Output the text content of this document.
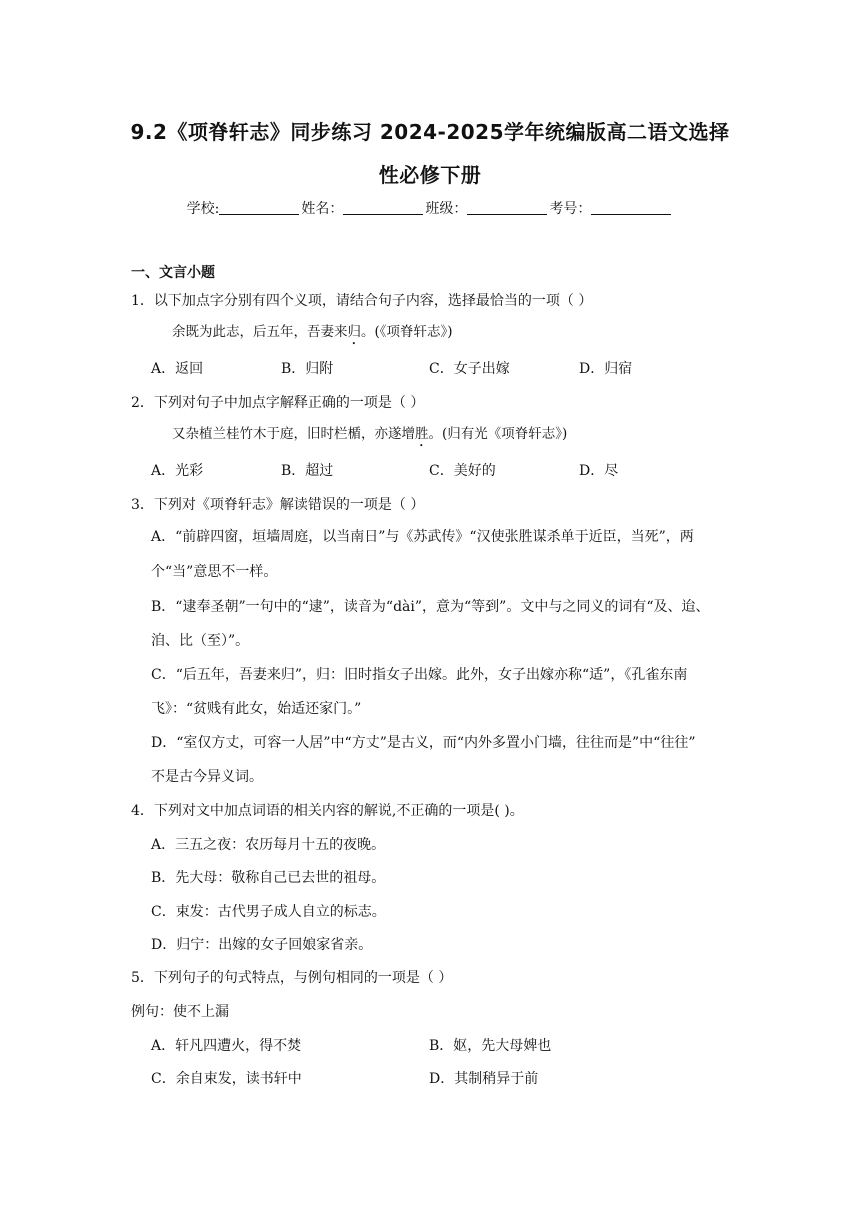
9.2《项脊轩志》同步练习 2024-2025学年统编版高二语文选择
性必修下册
学校:	姓名：	班级：	考号：
一、文言小题
1．以下加点字分别有四个义项，请结合句子内容，选择最恰当的一项（ ）
余既为此志，后五年，吾妻来归。(《项脊轩志》)
A．返回	B．归附	C．女子出嫁	D．归宿
2．下列对句子中加点字解释正确的一项是（ ）
又杂植兰桂竹木于庭，旧时栏楯，亦遂增胜。(归有光《项脊轩志》)
A．光彩	B．超过	C．美好的	D．尽
3．下列对《项脊轩志》解读错误的一项是（ ）
A．“前辟四窗，垣墙周庭，以当南日”与《苏武传》“汉使张胜谋杀单于近臣，当死”，两
个“当”意思不一样。
B．“逮奉圣朝”一句中的“逮”，读音为“dài”，意为“等到”。文中与之同义的词有“及、迨、
洎、比（至）”。
C．“后五年，吾妻来归”，归：旧时指女子出嫁。此外，女子出嫁亦称“适”，《孔雀东南
飞》：“贫贱有此女，始适还家门。”
D．“室仅方丈，可容一人居”中“方丈”是古义，而“内外多置小门墙，往往而是”中“往往”
不是古今异义词。
4．下列对文中加点词语的相关内容的解说,不正确的一项是( )。
A．三五之夜：农历每月十五的夜晚。
B．先大母：敬称自己已去世的祖母。
C．束发：古代男子成人自立的标志。
D．归宁：出嫁的女子回娘家省亲。
5．下列句子的句式特点，与例句相同的一项是（ ）
例句：使不上漏
A．轩凡四遭火，得不焚	B．妪，先大母婢也
C．余自束发，读书轩中	D．其制稍异于前
